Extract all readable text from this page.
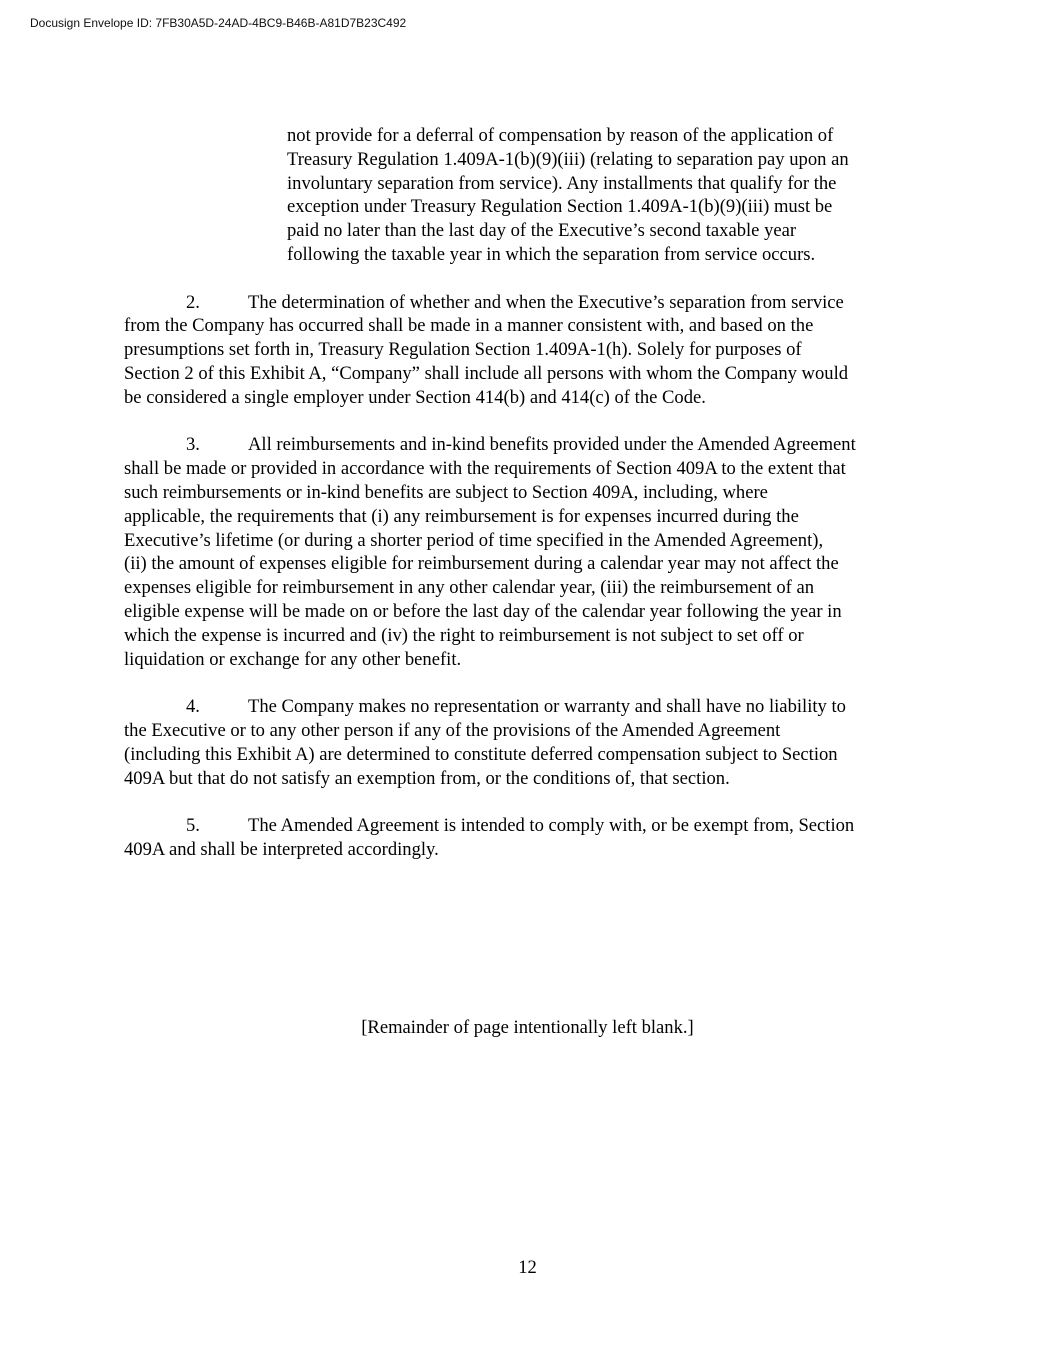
Docusign Envelope ID: 7FB30A5D-24AD-4BC9-B46B-A81D7B23C492
not provide for a deferral of compensation by reason of the application of
Treasury Regulation 1.409A-1(b)(9)(iii) (relating to separation pay upon an
involuntary separation from service). Any installments that qualify for the
exception under Treasury Regulation Section 1.409A-1(b)(9)(iii) must be
paid no later than the last day of the Executive’s second taxable year
following the taxable year in which the separation from service occurs.
2.	The determination of whether and when the Executive’s separation from service
from the Company has occurred shall be made in a manner consistent with, and based on the
presumptions set forth in, Treasury Regulation Section 1.409A-1(h). Solely for purposes of
Section 2 of this Exhibit A, “Company” shall include all persons with whom the Company would
be considered a single employer under Section 414(b) and 414(c) of the Code.
3.	All reimbursements and in-kind benefits provided under the Amended Agreement
shall be made or provided in accordance with the requirements of Section 409A to the extent that
such reimbursements or in-kind benefits are subject to Section 409A, including, where
applicable, the requirements that (i) any reimbursement is for expenses incurred during the
Executive’s lifetime (or during a shorter period of time specified in the Amended Agreement),
(ii) the amount of expenses eligible for reimbursement during a calendar year may not affect the
expenses eligible for reimbursement in any other calendar year, (iii) the reimbursement of an
eligible expense will be made on or before the last day of the calendar year following the year in
which the expense is incurred and (iv) the right to reimbursement is not subject to set off or
liquidation or exchange for any other benefit.
4.	The Company makes no representation or warranty and shall have no liability to
the Executive or to any other person if any of the provisions of the Amended Agreement
(including this Exhibit A) are determined to constitute deferred compensation subject to Section
409A but that do not satisfy an exemption from, or the conditions of, that section.
5.	The Amended Agreement is intended to comply with, or be exempt from, Section
409A and shall be interpreted accordingly.
[Remainder of page intentionally left blank.]
12
